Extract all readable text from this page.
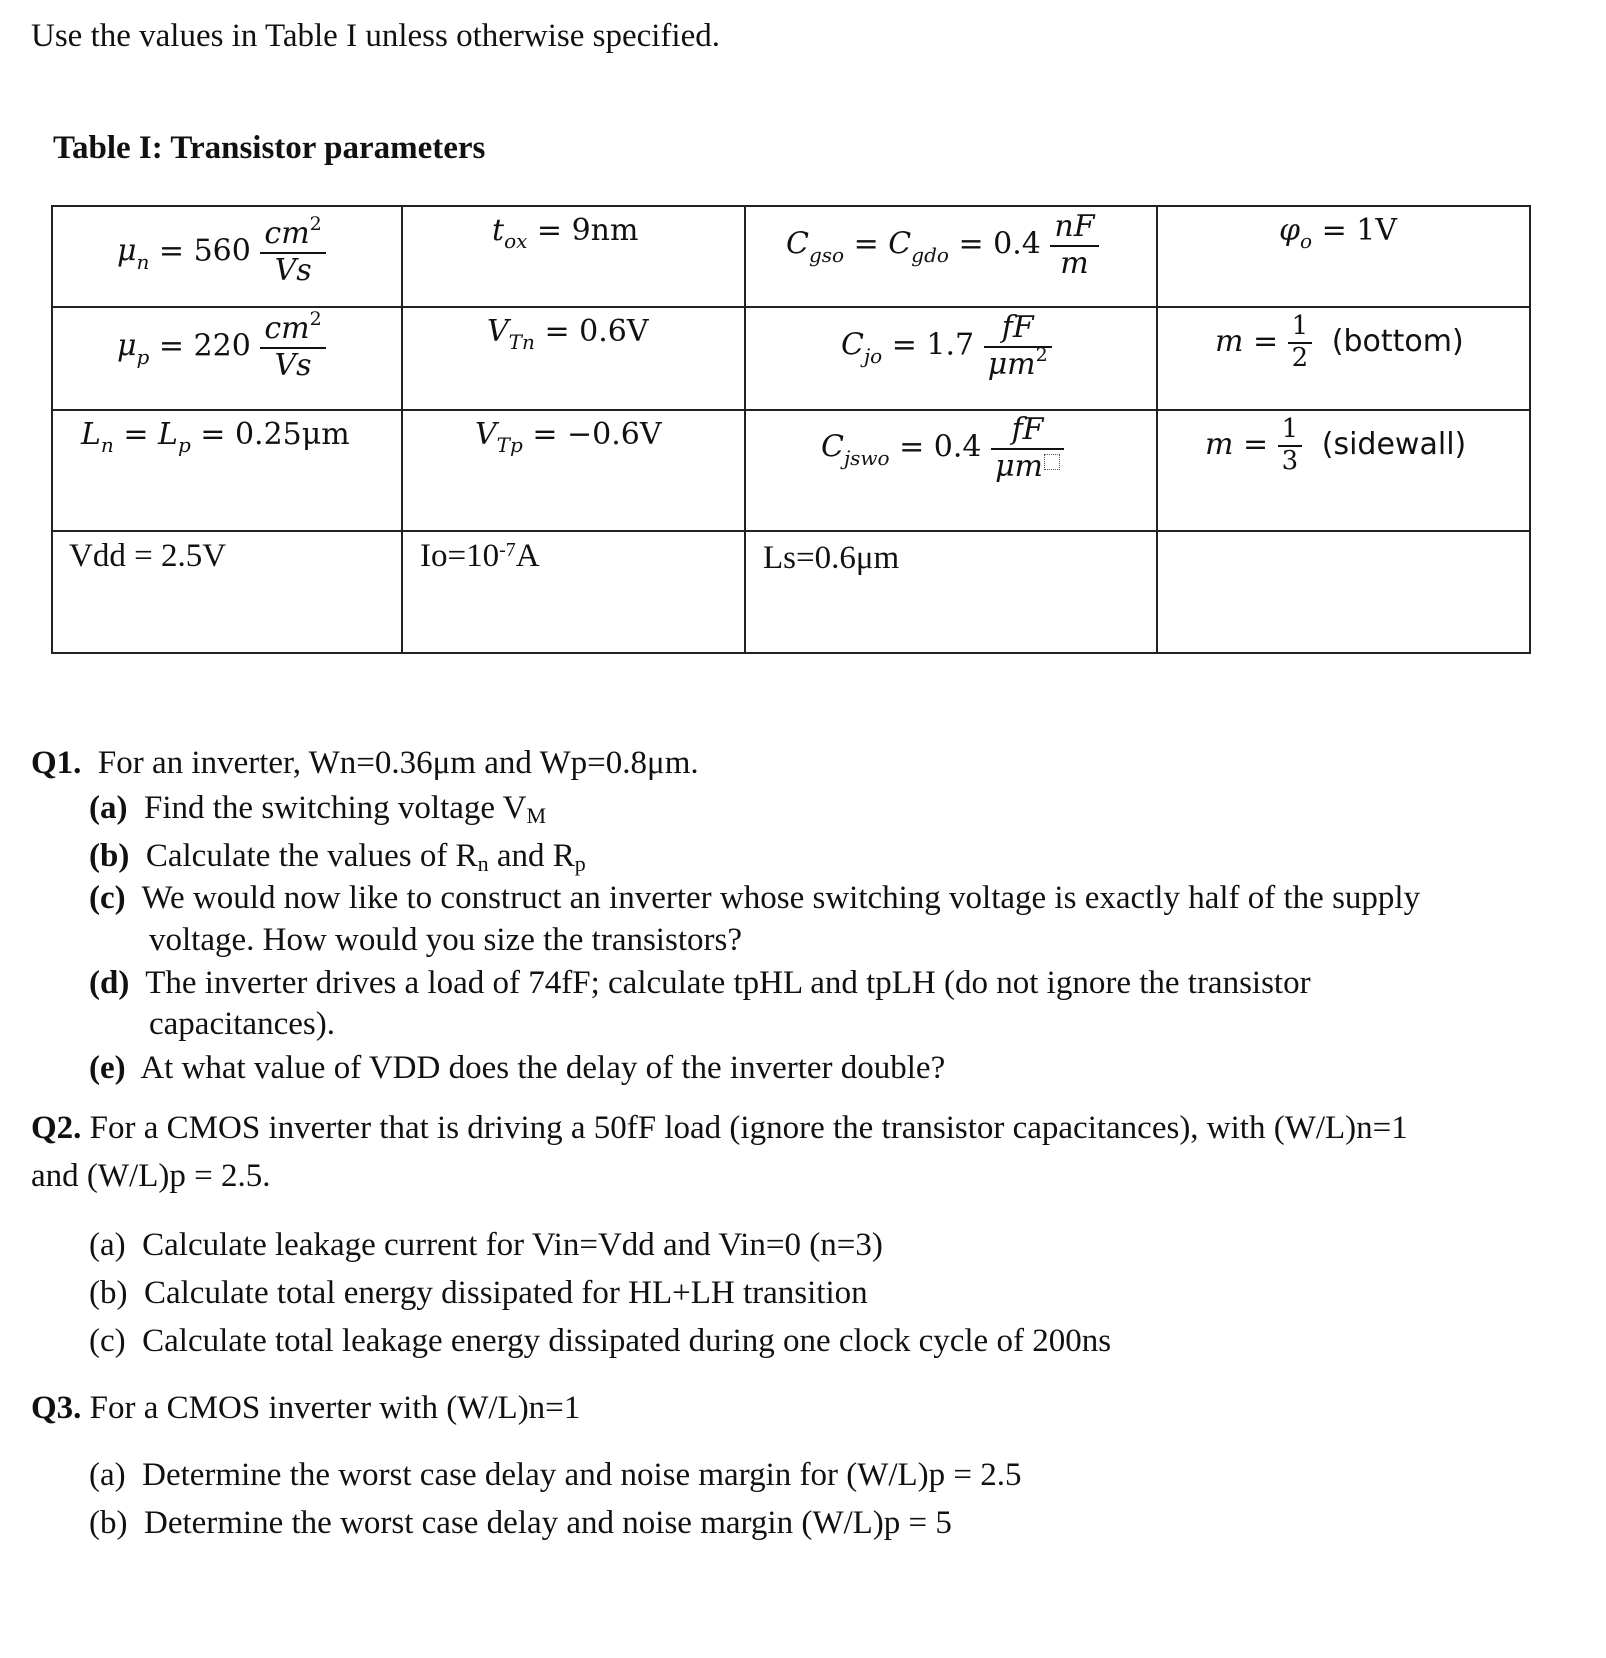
Use the values in Table I unless otherwise specified.
Table I: Transistor parameters
$\mu_n = 560 \frac{cm^2}{Vs}$	$t_{ox} = 9nm$	$C_{gso} = C_{gdo} = 0.4 \frac{nF}{m}$	$\varphi_o = 1V$

$\mu_p = 220 \frac{cm^2}{Vs}$	$V_{Tn} = 0.6V$	$C_{jo} = 1.7 \frac{fF}{\mu m^2}$	$m = \frac{1}{2}$ (bottom)

$L_n = L_p = 0.25\mu m$	$V_{Tp} = -0.6V$	$C_{jswo} = 0.4 \frac{fF}{\mu m}$	$m = \frac{1}{3}$ (sidewall)

Vdd = 2.5V	$Io=10^{-7}A$	Ls=0.6μm	

Q1. For an inverter, Wn=0.36μm and Wp=0.8μm.
(a) Find the switching voltage VM
(b) Calculate the values of Rn and Rp
(c) We would now like to construct an inverter whose switching voltage is exactly half of the supply
voltage. How would you size the transistors?
(d) The inverter drives a load of 74fF; calculate tpHL and tpLH (do not ignore the transistor
capacitances).
(e) At what value of VDD does the delay of the inverter double?
Q2. For a CMOS inverter that is driving a 50fF load (ignore the transistor capacitances), with (W/L)n=1
and (W/L)p = 2.5.
(a) Calculate leakage current for Vin=Vdd and Vin=0 (n=3)
(b) Calculate total energy dissipated for HL+LH transition
(c) Calculate total leakage energy dissipated during one clock cycle of 200ns
Q3. For a CMOS inverter with (W/L)n=1
(a) Determine the worst case delay and noise margin for (W/L)p = 2.5
(b) Determine the worst case delay and noise margin (W/L)p = 5
